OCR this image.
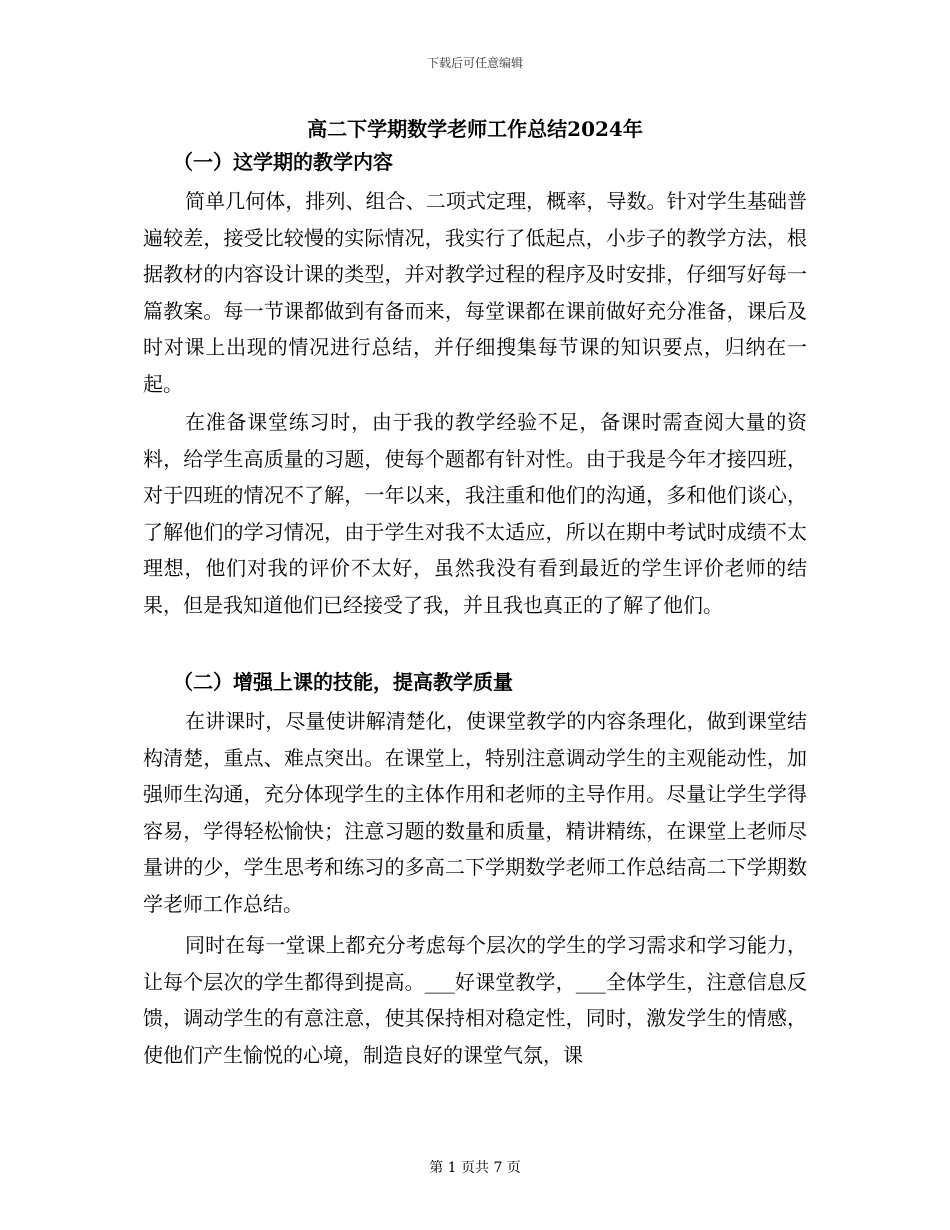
下载后可任意编辑
高二下学期数学老师工作总结2024年
（一）这学期的教学内容

简单几何体，排列、组合、二项式定理，概率，导数。针对学生基础普遍较差，接受比较慢的实际情况，我实行了低起点，小步子的教学方法，根据教材的内容设计课的类型，并对教学过程的程序及时安排，仔细写好每一篇教案。每一节课都做到有备而来，每堂课都在课前做好充分准备，课后及时对课上出现的情况进行总结，并仔细搜集每节课的知识要点，归纳在一起。

在准备课堂练习时，由于我的教学经验不足，备课时需查阅大量的资料，给学生高质量的习题，使每个题都有针对性。由于我是今年才接四班，对于四班的情况不了解，一年以来，我注重和他们的沟通，多和他们谈心，了解他们的学习情况，由于学生对我不太适应，所以在期中考试时成绩不太理想，他们对我的评价不太好，虽然我没有看到最近的学生评价老师的结果，但是我知道他们已经接受了我，并且我也真正的了解了他们。

（二）增强上课的技能，提高教学质量

在讲课时，尽量使讲解清楚化，使课堂教学的内容条理化，做到课堂结构清楚，重点、难点突出。在课堂上，特别注意调动学生的主观能动性，加强师生沟通，充分体现学生的主体作用和老师的主导作用。尽量让学生学得容易，学得轻松愉快；注意习题的数量和质量，精讲精练，在课堂上老师尽量讲的少，学生思考和练习的多高二下学期数学老师工作总结高二下学期数学老师工作总结。

同时在每一堂课上都充分考虑每个层次的学生的学习需求和学习能力，让每个层次的学生都得到提高。___好课堂教学，___全体学生，注意信息反馈，调动学生的有意注意，使其保持相对稳定性，同时，激发学生的情感，使他们产生愉悦的心境，制造良好的课堂气氛，课

第 1 页共 7 页
